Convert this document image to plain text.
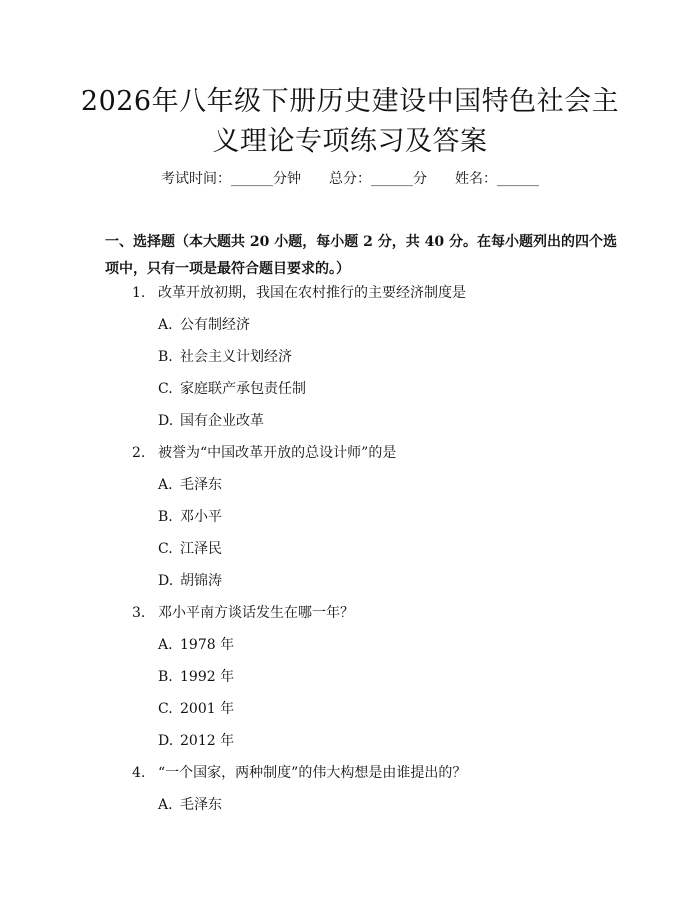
2026年八年级下册历史建设中国特色社会主
义理论专项练习及答案
考试时间：______分钟 总分：______分 姓名：______
一、选择题（本大题共 20 小题，每小题 2 分，共 40 分。在每小题列出的四个选
项中，只有一项是最符合题目要求的。）
1. 改革开放初期，我国在农村推行的主要经济制度是
A. 公有制经济
B. 社会主义计划经济
C. 家庭联产承包责任制
D. 国有企业改革
2. 被誉为“中国改革开放的总设计师”的是
A. 毛泽东
B. 邓小平
C. 江泽民
D. 胡锦涛
3. 邓小平南方谈话发生在哪一年？
A. 1978 年
B. 1992 年
C. 2001 年
D. 2012 年
4. “一个国家，两种制度”的伟大构想是由谁提出的？
A. 毛泽东
